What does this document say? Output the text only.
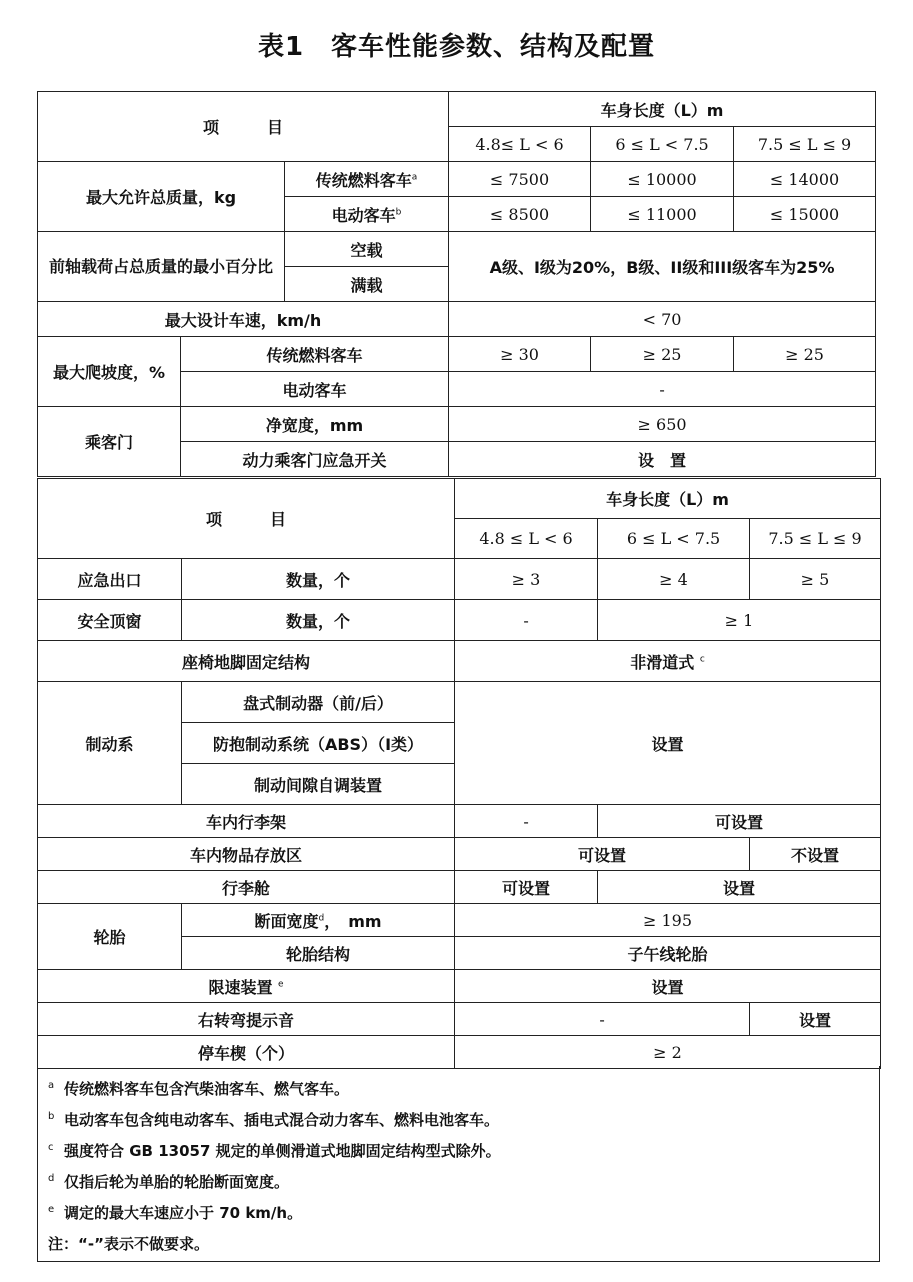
表1　客车性能参数、结构及配置
项　　　目			车身长度（L）m		
			4.8≤ L < 6	6 ≤ L < 7.5	7.5 ≤ L ≤ 9
最大允许总质量，kg		传统燃料客车$^a$	≤ 7500	≤ 10000	≤ 14000
		电动客车$^b$	≤ 8500	≤ 11000	≤ 15000
前轴载荷占总质量的最小百分比		空载	A级、I级为20%，B级、II级和III级客车为25%		
		满载			
最大设计车速，km/h			< 70		
最大爬坡度，%	传统燃料客车		≥ 30	≥ 25	≥ 25
	电动客车		-		
乘客门	净宽度，mm		≥ 650		
	动力乘客门应急开关		设　置		
项　　　目		车身长度（L）m		
		4.8 ≤ L < 6	6 ≤ L < 7.5	7.5 ≤ L ≤ 9
应急出口	数量，个	≥ 3	≥ 4	≥ 5
安全顶窗	数量，个	-	≥ 1	
座椅地脚固定结构		非滑道式 $^c$
制动系	盘式制动器（前/后）	设置		
	防抱制动系统（ABS）（I类）			
	制动间隙自调装置			
车内行李架		-	可设置	
车内物品存放区		可设置		不设置
行李舱		可设置	设置	
轮胎	断面宽度$^d$，　mm	≥ 195		
	轮胎结构	子午线轮胎		
限速装置 $^e$		设置		
右转弯提示音		-		设置
停车楔（个）		≥ 2		
a 传统燃料客车包含汽柴油客车、燃气客车。
b 电动客车包含纯电动客车、插电式混合动力客车、燃料电池客车。
c 强度符合 GB 13057 规定的单侧滑道式地脚固定结构型式除外。
d 仅指后轮为单胎的轮胎断面宽度。
e 调定的最大车速应小于 70 km/h。
注：“-”表示不做要求。
